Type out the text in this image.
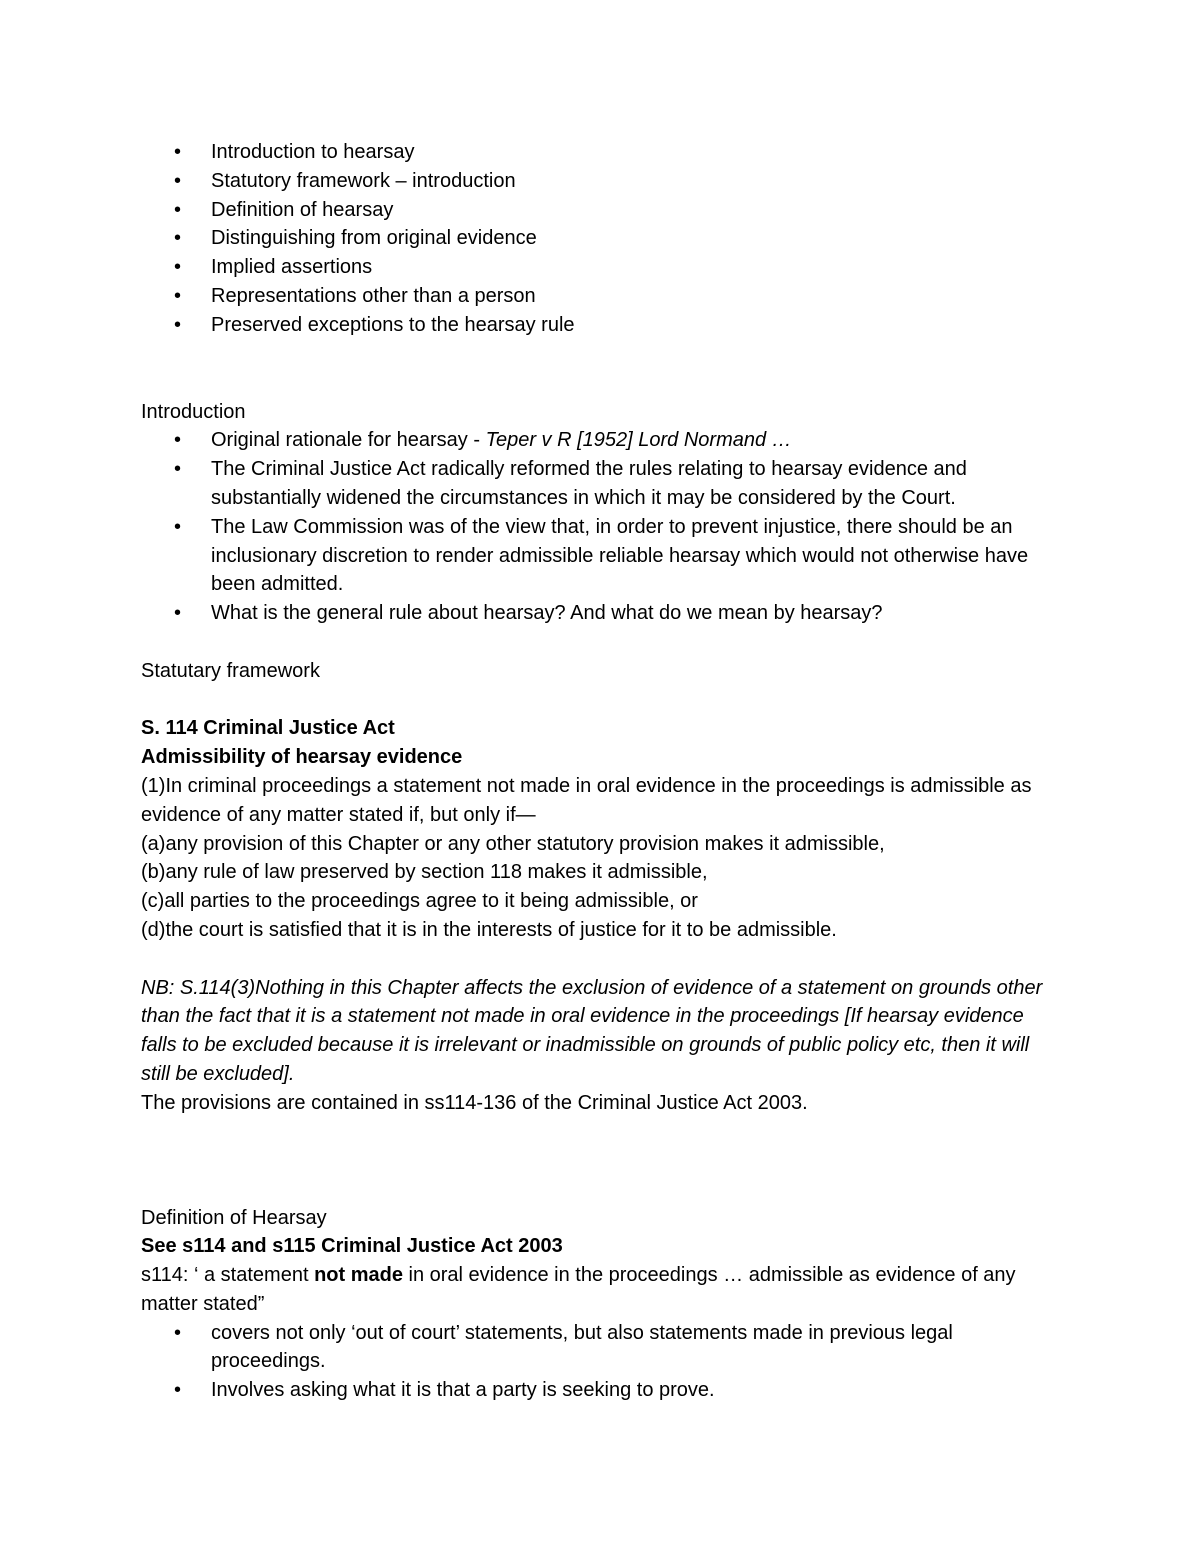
• Introduction to hearsay
• Statutory framework – introduction
• Definition of hearsay
• Distinguishing from original evidence
• Implied assertions
• Representations other than a person
• Preserved exceptions to the hearsay rule

Introduction

• Original rationale for hearsay - Teper v R [1952] Lord Normand …
• The Criminal Justice Act radically reformed the rules relating to hearsay evidence and substantially widened the circumstances in which it may be considered by the Court.
• The Law Commission was of the view that, in order to prevent injustice, there should be an inclusionary discretion to render admissible reliable hearsay which would not otherwise have been admitted.
• What is the general rule about hearsay? And what do we mean by hearsay?

Statutary framework

S. 114 Criminal Justice Act

Admissibility of hearsay evidence

(1)In criminal proceedings a statement not made in oral evidence in the proceedings is admissible as evidence of any matter stated if, but only if—

(a)any provision of this Chapter or any other statutory provision makes it admissible,

(b)any rule of law preserved by section 118 makes it admissible,

(c)all parties to the proceedings agree to it being admissible, or

(d)the court is satisfied that it is in the interests of justice for it to be admissible.

NB: S.114(3)Nothing in this Chapter affects the exclusion of evidence of a statement on grounds other than the fact that it is a statement not made in oral evidence in the proceedings [If hearsay evidence falls to be excluded because it is irrelevant or inadmissible on grounds of public policy etc, then it will still be excluded].

The provisions are contained in ss114-136 of the Criminal Justice Act 2003.

Definition of Hearsay

See s114 and s115 Criminal Justice Act 2003

s114: ‘ a statement not made in oral evidence in the proceedings … admissible as evidence of any matter stated”

• covers not only ‘out of court’ statements, but also statements made in previous legal proceedings.
• Involves asking what it is that a party is seeking to prove.
